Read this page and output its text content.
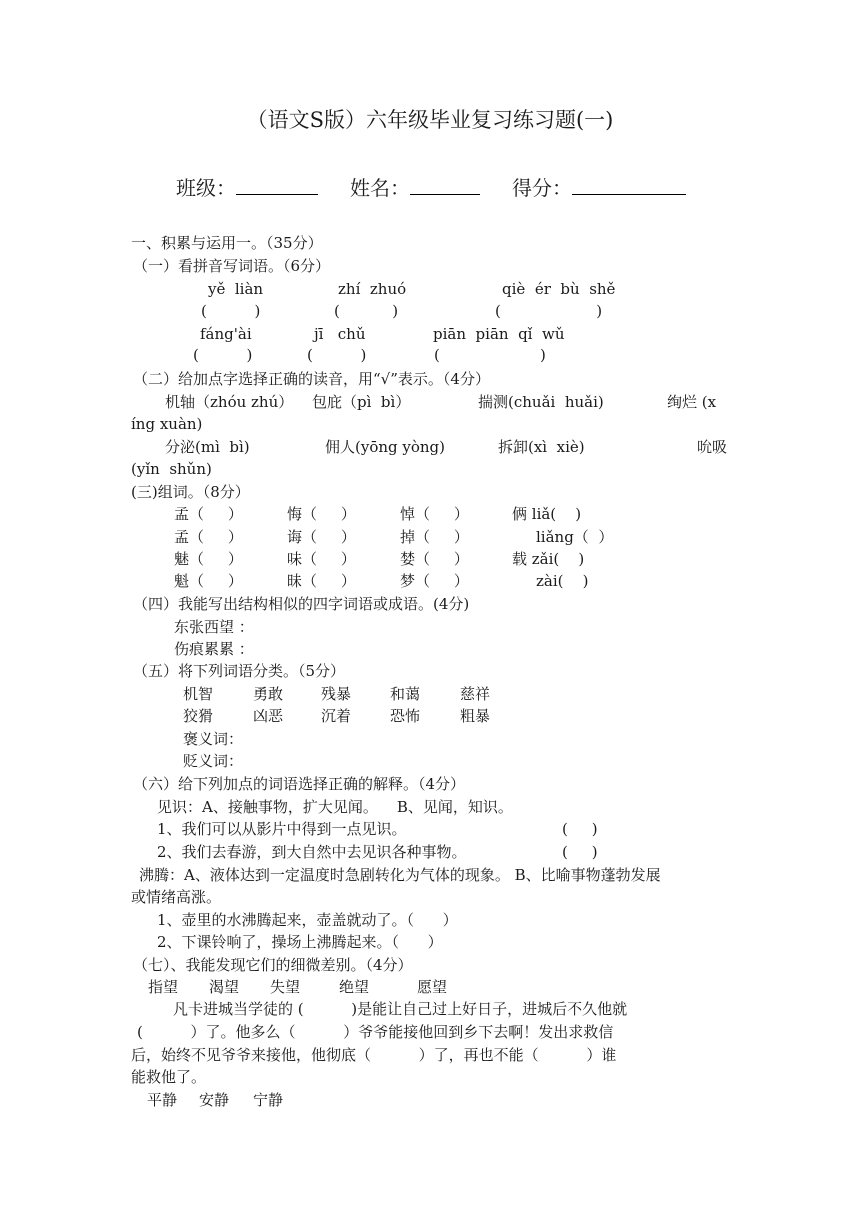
（语文S版）六年级毕业复习练习题(一)
班级：	姓名：	得分：
一、积累与运用一。（35分）
（一）看拼音写词语。（6分）
yě  liàn	zhí  zhuó	qiè  ér  bù  shě
(          )	(           )	(                    )
fáng'ài	jī   chǔ	piān  piān  qǐ  wǔ
(          )	(          )	(                     )
（二）给加点字选择正确的读音，用“√”表示。（4分）
机轴（zhóu zhú） 包庇（pì  bì）	揣测(chuǎi  huǎi)	绚烂 (x
íng xuàn)
分泌(mì  bì)	佣人(yōng yòng)	拆卸(xì  xiè)	吮吸
(yǐn  shǔn)
(三)组词。（8分）
孟（     ）	悔（     ）	悼（     ）	俩 liǎ(    )
孟（     ）	诲（     ）	掉（     ）	liǎng（  ）
魅（     ）	味（     ）	婪（     ）	载 zǎi(    )
魁（     ）	昧（     ）	梦（     ）	zài(    )
（四）我能写出结构相似的四字词语或成语。(4分)
东张西望 ：
伤痕累累 ：
（五）将下列词语分类。（5分）
机智	勇敢	残暴	和蔼	慈祥
狡猾	凶恶	沉着	恐怖	粗暴
褒义词：
贬义词：
（六）给下列加点的词语选择正确的解释。（4分）
见识：A、接触事物，扩大见闻。    B、见闻，知识。
1、我们可以从影片中得到一点见识。	(     )
2、我们去春游，到大自然中去见识各种事物。	(     )
沸腾：A、液体达到一定温度时急剧转化为气体的现象。 B、比喻事物蓬勃发展
或情绪高涨。
1、壶里的水沸腾起来，壶盖就动了。（      ）
2、下课铃响了，操场上沸腾起来。（      ）
（七）、我能发现它们的细微差别。（4分）
指望 渴望 失望	绝望	愿望
凡卡进城当学徒的 (          )是能让自己过上好日子，进城后不久他就
(          ）了。他多么（          ）爷爷能接他回到乡下去啊！发出求救信
后，始终不见爷爷来接他，他彻底（          ）了，再也不能（          ）谁
能救他了。
平静 安静 宁静
